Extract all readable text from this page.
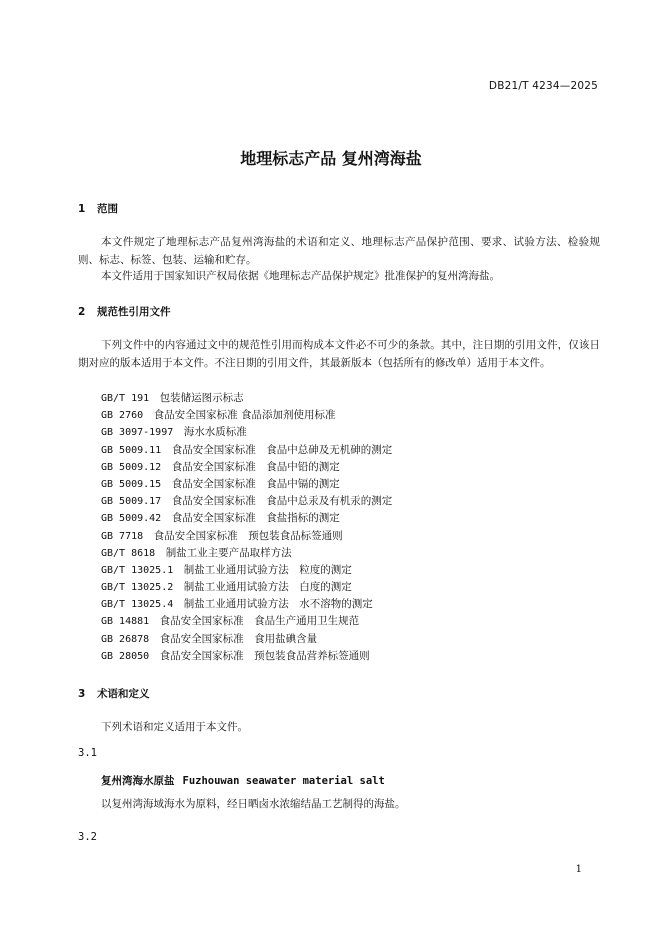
DB21/T 4234—2025
地理标志产品 复州湾海盐
1 范围
本文件规定了地理标志产品复州湾海盐的术语和定义、地理标志产品保护范围、要求、试验方法、检验规则、标志、标签、包装、运输和贮存。
本文件适用于国家知识产权局依据《地理标志产品保护规定》批准保护的复州湾海盐。
2 规范性引用文件
下列文件中的内容通过文中的规范性引用而构成本文件必不可少的条款。其中，注日期的引用文件，仅该日期对应的版本适用于本文件。不注日期的引用文件，其最新版本（包括所有的修改单）适用于本文件。
GB/T 191　 包装储运图示标志
GB 2760　 食品安全国家标准 食品添加剂使用标准
GB 3097-1997　 海水水质标准
GB 5009.11　 食品安全国家标准　食品中总砷及无机砷的测定
GB 5009.12　 食品安全国家标准　食品中铅的测定
GB 5009.15　 食品安全国家标准　食品中镉的测定
GB 5009.17　 食品安全国家标准　食品中总汞及有机汞的测定
GB 5009.42　 食品安全国家标准　食盐指标的测定
GB 7718　 食品安全国家标准　预包装食品标签通则
GB/T 8618　 制盐工业主要产品取样方法
GB/T 13025.1　 制盐工业通用试验方法　粒度的测定
GB/T 13025.2　 制盐工业通用试验方法　白度的测定
GB/T 13025.4　 制盐工业通用试验方法　水不溶物的测定
GB 14881　 食品安全国家标准　食品生产通用卫生规范
GB 26878　 食品安全国家标准　食用盐碘含量
GB 28050　 食品安全国家标准　预包装食品营养标签通则
3 术语和定义
下列术语和定义适用于本文件。
3.1
复州湾海水原盐 Fuzhouwan seawater material salt
以复州湾海域海水为原料，经日晒卤水浓缩结晶工艺制得的海盐。
3.2
1
